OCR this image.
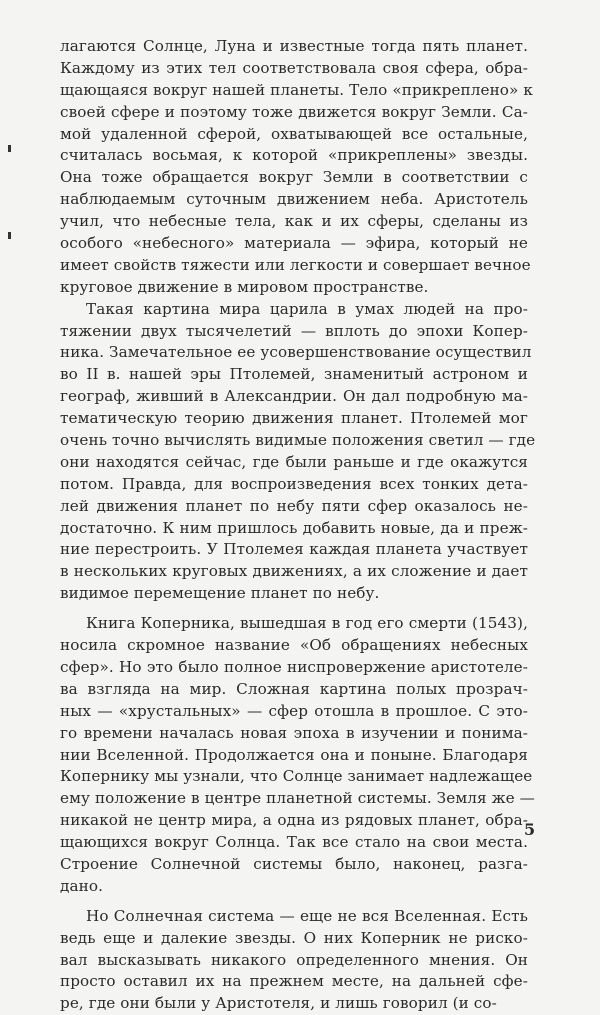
лагаются Солнце, Луна и известные тогда пять планет.
Каждому из этих тел соответствовала своя сфера, обра-
щающаяся вокруг нашей планеты. Тело «прикреплено» к
своей сфере и поэтому тоже движется вокруг Земли. Са-
мой удаленной сферой, охватывающей все остальные,
считалась восьмая, к которой «прикреплены» звезды.
Она тоже обращается вокруг Земли в соответствии с
наблюдаемым суточным движением неба. Аристотель
учил, что небесные тела, как и их сферы, сделаны из
особого «небесного» материала — эфира, который не
имеет свойств тяжести или легкости и совершает вечное
круговое движение в мировом пространстве.
Такая картина мира царила в умах людей на про-
тяжении двух тысячелетий — вплоть до эпохи Копер-
ника. Замечательное ее усовершенствование осуществил
во II в. нашей эры Птолемей, знаменитый астроном и
географ, живший в Александрии. Он дал подробную ма-
тематическую теорию движения планет. Птолемей мог
очень точно вычислять видимые положения светил — где
они находятся сейчас, где были раньше и где окажутся
потом. Правда, для воспроизведения всех тонких дета-
лей движения планет по небу пяти сфер оказалось не-
достаточно. К ним пришлось добавить новые, да и преж-
ние перестроить. У Птолемея каждая планета участвует
в нескольких круговых движениях, а их сложение и дает
видимое перемещение планет по небу.
Книга Коперника, вышедшая в год его смерти (1543),
носила скромное название «Об обращениях небесных
сфер». Но это было полное ниспровержение аристотеле-
вa взгляда на мир. Сложная картина полых прозрач-
ных — «хрустальных» — сфер отошла в прошлое. С это-
го времени началась новая эпоха в изучении и понима-
нии Вселенной. Продолжается она и поныне. Благодаря
Копернику мы узнали, что Солнце занимает надлежащее
ему положение в центре планетной системы. Земля же —
никакой не центр мира, а одна из рядовых планет, обра-
щающихся вокруг Солнца. Так все стало на свои места.
Строение Солнечной системы было, наконец, разга-
дано.
Но Солнечная система — еще не вся Вселенная. Есть
ведь еще и далекие звезды. О них Коперник не риско-
вал высказывать никакого определенного мнения. Он
просто оставил их на прежнем месте, на дальней сфе-
ре, где они были у Аристотеля, и лишь говорил (и со-
5
